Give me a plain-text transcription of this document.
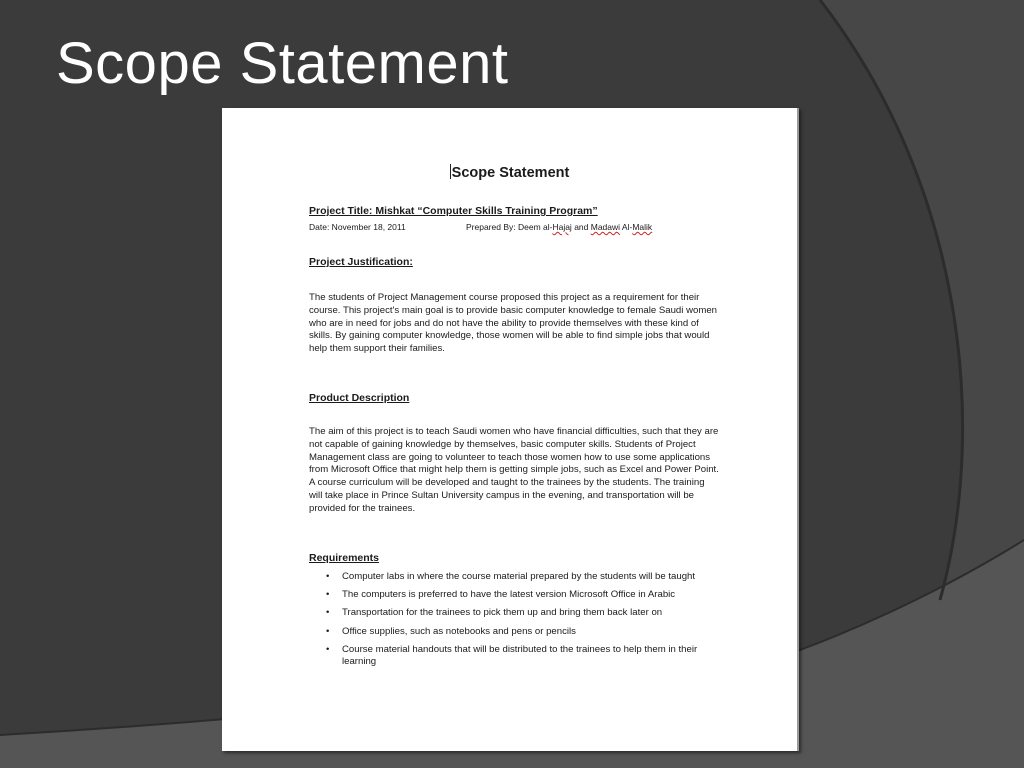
Scope Statement
Scope Statement
Project Title: Mishkat “Computer Skills Training Program”
Date: November 18, 2011	Prepared By: Deem al-Hajaj and Madawi Al-Malik
Project Justification:
The students of Project Management course proposed this project as a requirement for their course. This project's main goal is to provide basic computer knowledge to female Saudi women who are in need for jobs and do not have the ability to provide themselves with these kind of skills. By gaining computer knowledge, those women will be able to find simple jobs that would help them support their families.
Product Description
The aim of this project is to teach Saudi women who have financial difficulties, such that they are not capable of gaining knowledge by themselves, basic computer skills. Students of Project Management class are going to volunteer to teach those women how to use some applications from Microsoft Office that might help them is getting simple jobs, such as Excel and Power Point. A course curriculum will be developed and taught to the trainees by the students. The training will take place in Prince Sultan University campus in the evening, and transportation will be provided for the trainees.
Requirements
• Computer labs in where the course material prepared by the students will be taught
• The computers is preferred to have the latest version Microsoft Office in Arabic
• Transportation for the trainees to pick them up and bring them back later on
• Office supplies, such as notebooks and pens or pencils
• Course material handouts that will be distributed to the trainees to help them in their learning
